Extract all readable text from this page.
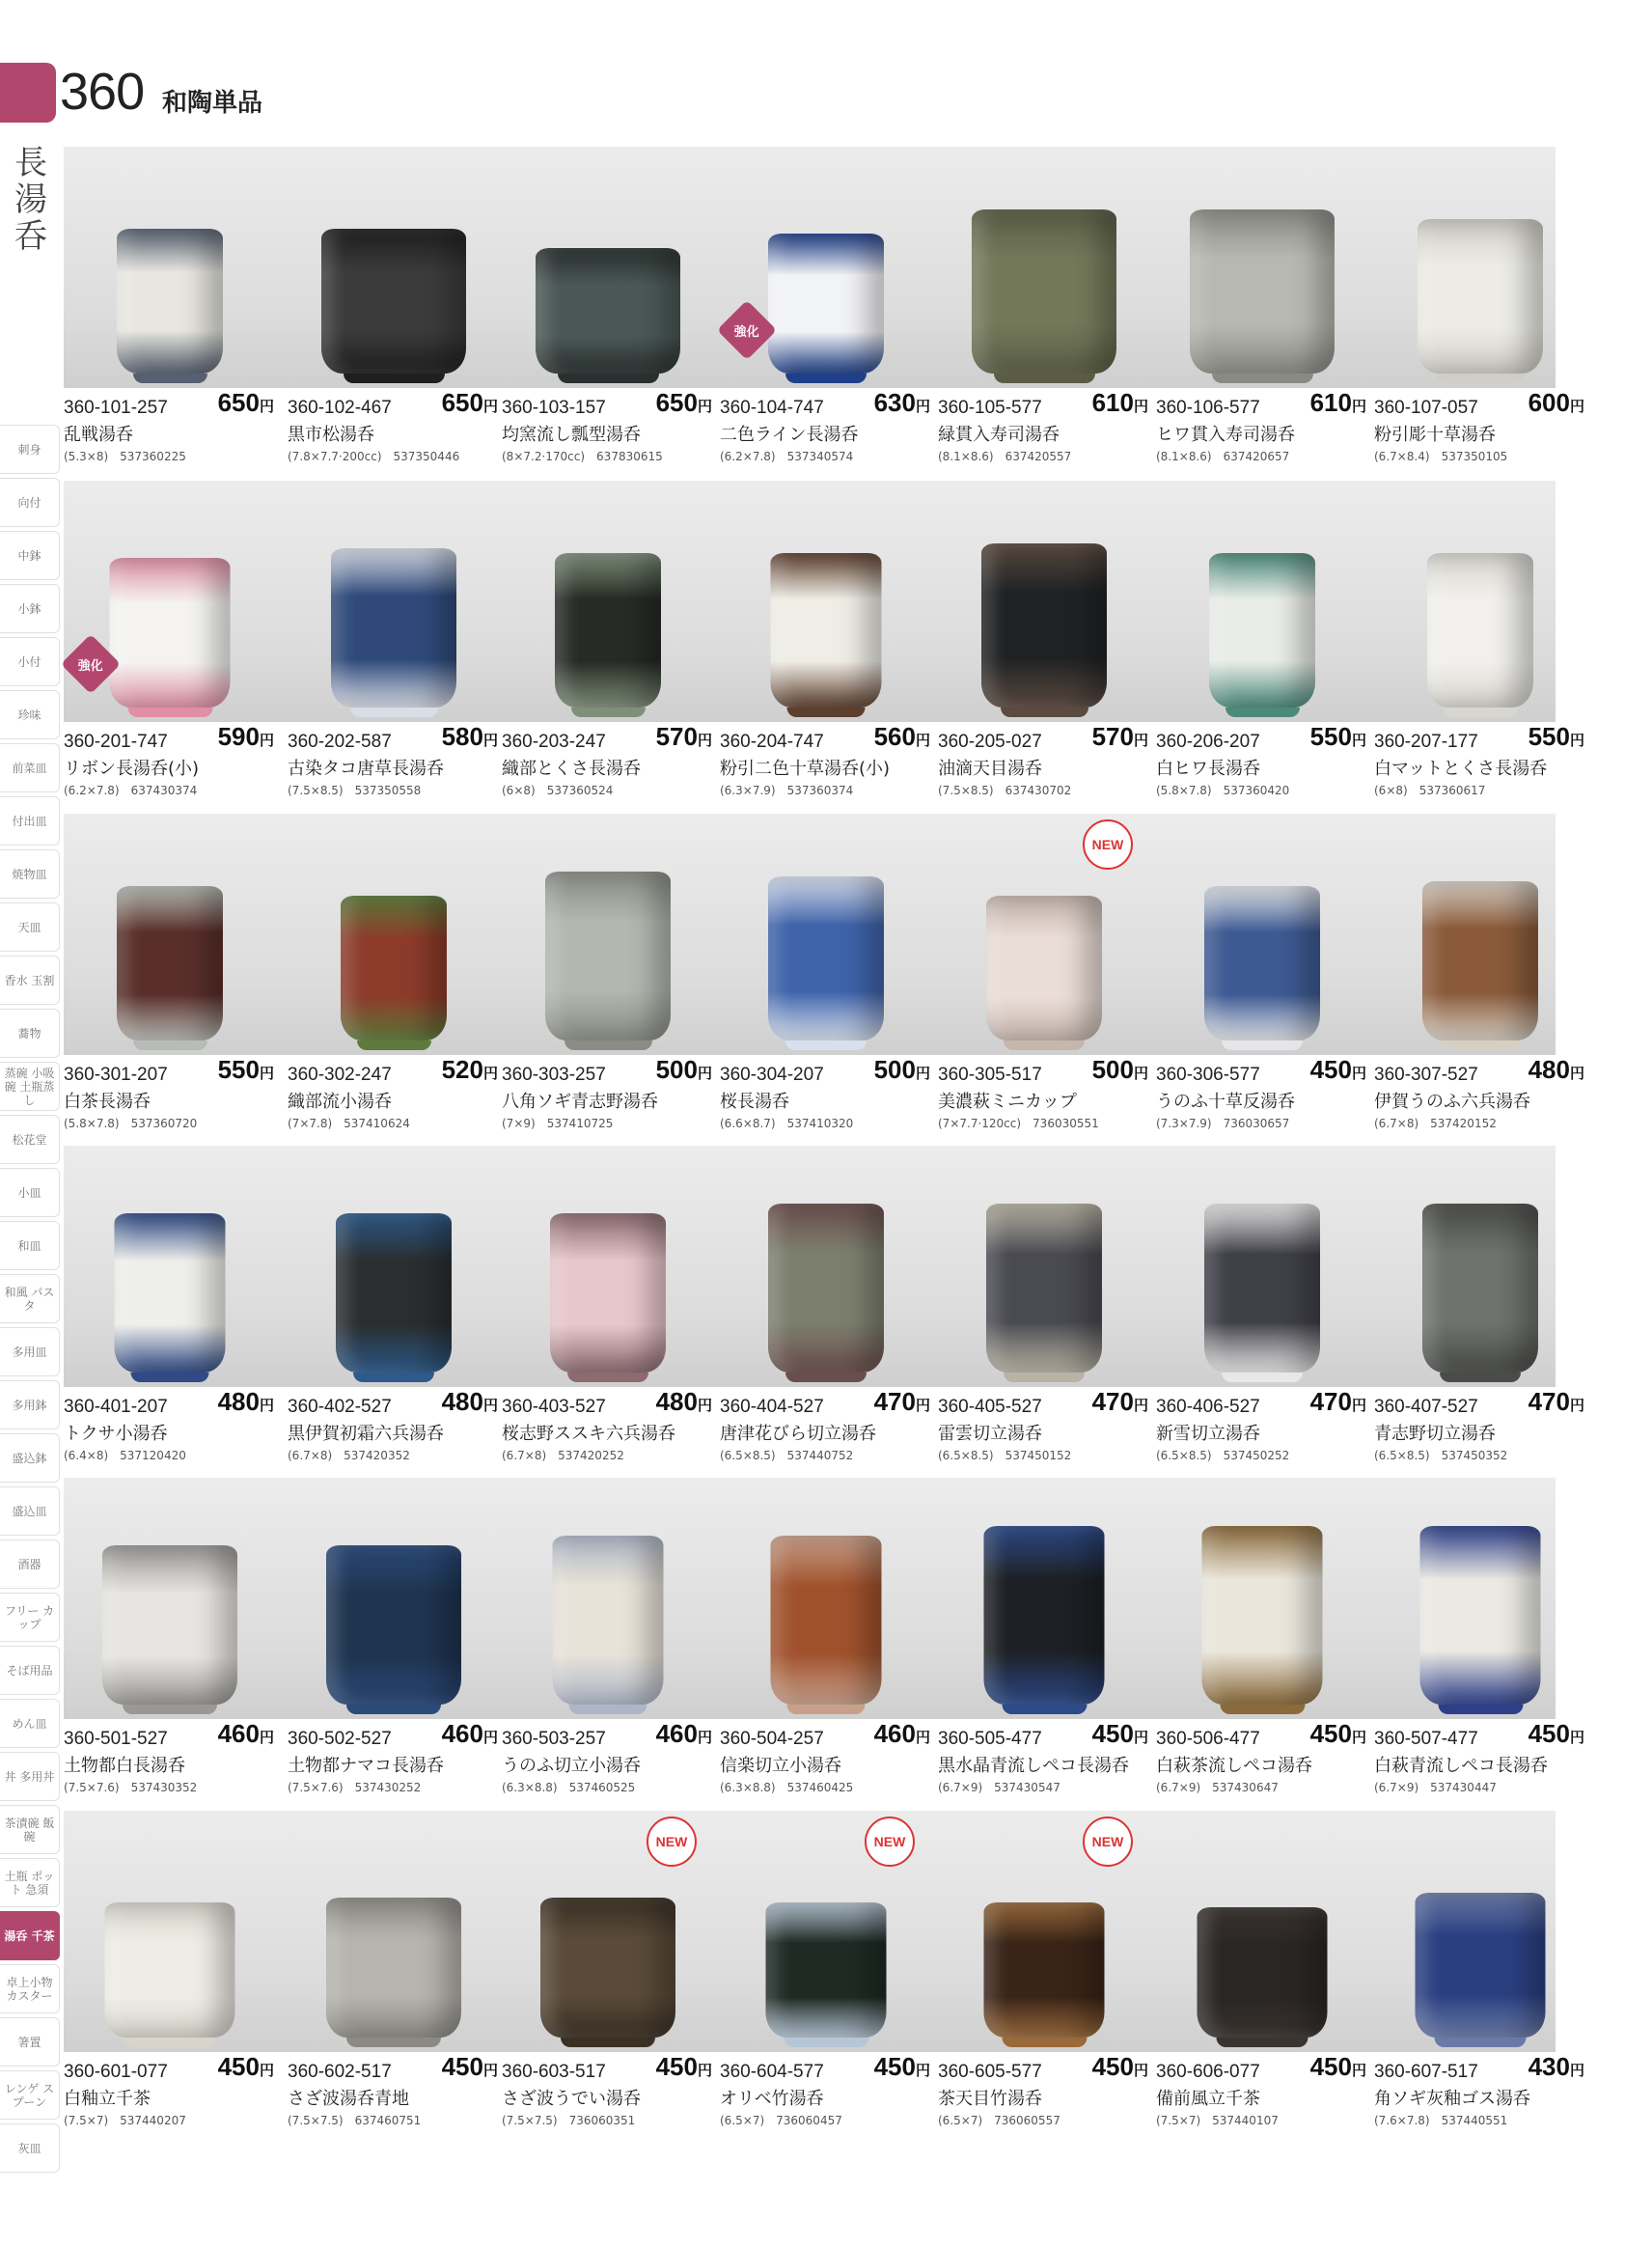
360 和陶単品
長湯呑
刺身
向付
中鉢
小鉢
小付
珍味
前菜皿
付出皿
焼物皿
天皿
香水 玉割
蕎物
蒸碗 小吸碗 土瓶蒸し
松花堂
小皿
和皿
和風 パスタ
多用皿
多用鉢
盛込鉢
盛込皿
酒器
フリー カップ
そば用品
めん皿
丼 多用丼
茶漬碗 飯碗
土瓶 ポット 急須
湯呑 千茶
卓上小物 カスター
箸置
レンゲ スプーン
灰皿
360-101-257 650円
乱戦湯呑
(5.3×8)　537360225
360-102-467 650円
黒市松湯呑
(7.8×7.7·200cc)　537350446
360-103-157 650円
均窯流し瓢型湯呑
(8×7.2·170cc)　637830615
強化
360-104-747 630円
二色ライン長湯呑
(6.2×7.8)　537340574
360-105-577 610円
緑貫入寿司湯呑
(8.1×8.6)　637420557
360-106-577 610円
ヒワ貫入寿司湯呑
(8.1×8.6)　637420657
360-107-057 600円
粉引彫十草湯呑
(6.7×8.4)　537350105
強化
360-201-747 590円
リボン長湯呑(小)
(6.2×7.8)　637430374
360-202-587 580円
古染タコ唐草長湯呑
(7.5×8.5)　537350558
360-203-247 570円
織部とくさ長湯呑
(6×8)　537360524
360-204-747 560円
粉引二色十草湯呑(小)
(6.3×7.9)　537360374
360-205-027 570円
油滴天目湯呑
(7.5×8.5)　637430702
360-206-207 550円
白ヒワ長湯呑
(5.8×7.8)　537360420
360-207-177 550円
白マットとくさ長湯呑
(6×8)　537360617
360-301-207 550円
白茶長湯呑
(5.8×7.8)　537360720
360-302-247 520円
織部流小湯呑
(7×7.8)　537410624
360-303-257 500円
八角ソギ青志野湯呑
(7×9)　537410725
360-304-207 500円
桜長湯呑
(6.6×8.7)　537410320
NEW
360-305-517 500円
美濃萩ミニカップ
(7×7.7·120cc)　736030551
360-306-577 450円
うのふ十草反湯呑
(7.3×7.9)　736030657
360-307-527 480円
伊賀うのふ六兵湯呑
(6.7×8)　537420152
360-401-207 480円
トクサ小湯呑
(6.4×8)　537120420
360-402-527 480円
黒伊賀初霜六兵湯呑
(6.7×8)　537420352
360-403-527 480円
桜志野ススキ六兵湯呑
(6.7×8)　537420252
360-404-527 470円
唐津花びら切立湯呑
(6.5×8.5)　537440752
360-405-527 470円
雷雲切立湯呑
(6.5×8.5)　537450152
360-406-527 470円
新雪切立湯呑
(6.5×8.5)　537450252
360-407-527 470円
青志野切立湯呑
(6.5×8.5)　537450352
360-501-527 460円
土物都白長湯呑
(7.5×7.6)　537430352
360-502-527 460円
土物都ナマコ長湯呑
(7.5×7.6)　537430252
360-503-257 460円
うのふ切立小湯呑
(6.3×8.8)　537460525
360-504-257 460円
信楽切立小湯呑
(6.3×8.8)　537460425
360-505-477 450円
黒水晶青流しペコ長湯呑
(6.7×9)　537430547
360-506-477 450円
白萩茶流しペコ湯呑
(6.7×9)　537430647
360-507-477 450円
白萩青流しペコ長湯呑
(6.7×9)　537430447
360-601-077 450円
白釉立千茶
(7.5×7)　537440207
360-602-517 450円
さざ波湯呑青地
(7.5×7.5)　637460751
NEW
360-603-517 450円
さざ波うでい湯呑
(7.5×7.5)　736060351
NEW
360-604-577 450円
オリベ竹湯呑
(6.5×7)　736060457
NEW
360-605-577 450円
茶天目竹湯呑
(6.5×7)　736060557
360-606-077 450円
備前風立千茶
(7.5×7)　537440107
360-607-517 430円
角ソギ灰釉ゴス湯呑
(7.6×7.8)　537440551
